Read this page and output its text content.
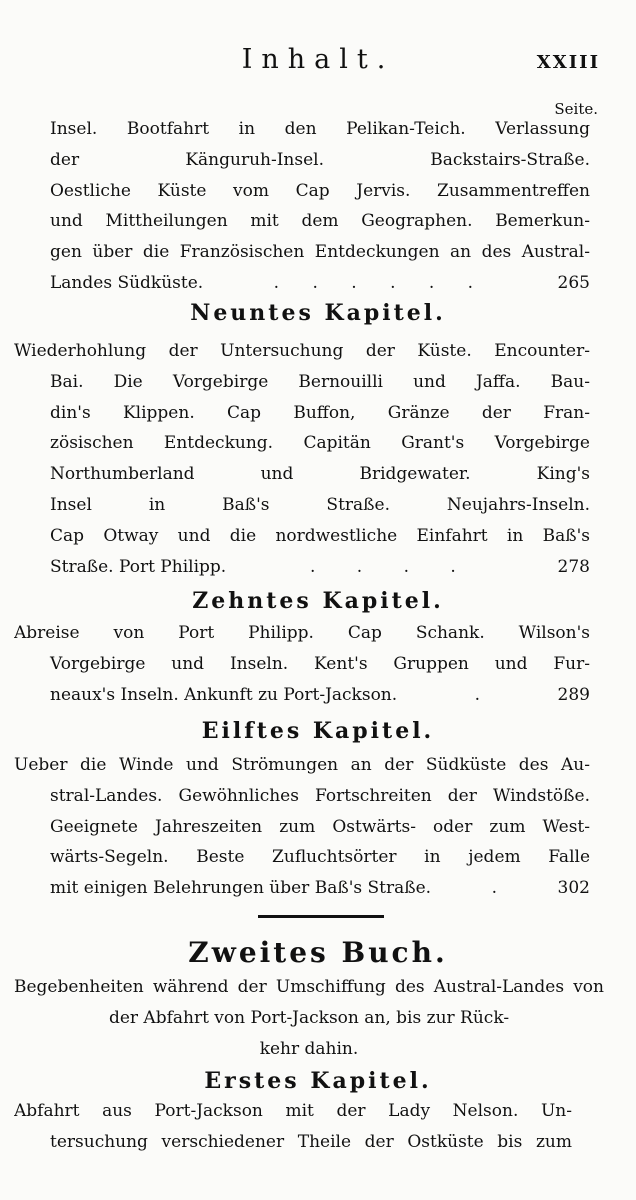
Inhalt.	XXIII
Seite.
Insel. Bootfahrt in den Pelikan-Teich. Verlassung
der Känguruh-Insel. Backstairs-Straße.
Oestliche Küste vom Cap Jervis. Zusammentreffen
und Mittheilungen mit dem Geographen. Bemerkun-
gen über die Französischen Entdeckungen an des Austral-
Landes Südküste.	. . . . . .	265
Neuntes Kapitel.
Wiederhohlung der Untersuchung der Küste. Encounter-
Bai. Die Vorgebirge Bernouilli und Jaffa. Bau-
din's Klippen. Cap Buffon, Gränze der Fran-
zösischen Entdeckung. Capitän Grant's Vorgebirge
Northumberland und Bridgewater. King's
Insel in Baß's Straße. Neujahrs-Inseln.
Cap Otway und die nordwestliche Einfahrt in Baß's
Straße. Port Philipp.	. . . .	278
Zehntes Kapitel.
Abreise von Port Philipp. Cap Schank. Wilson's
Vorgebirge und Inseln. Kent's Gruppen und Fur-
neaux's Inseln. Ankunft zu Port-Jackson.	.	289
Eilftes Kapitel.
Ueber die Winde und Strömungen an der Südküste des Au-
stral-Landes. Gewöhnliches Fortschreiten der Windstöße.
Geeignete Jahreszeiten zum Ostwärts- oder zum West-
wärts-Segeln. Beste Zufluchtsörter in jedem Falle
mit einigen Belehrungen über Baß's Straße.	.	302
Zweites Buch.
Begebenheiten während der Umschiffung des Austral-Landes von
der Abfahrt von Port-Jackson an, bis zur Rück-
kehr dahin.
Erstes Kapitel.
Abfahrt aus Port-Jackson mit der Lady Nelson. Un-
tersuchung verschiedener Theile der Ostküste bis zum
